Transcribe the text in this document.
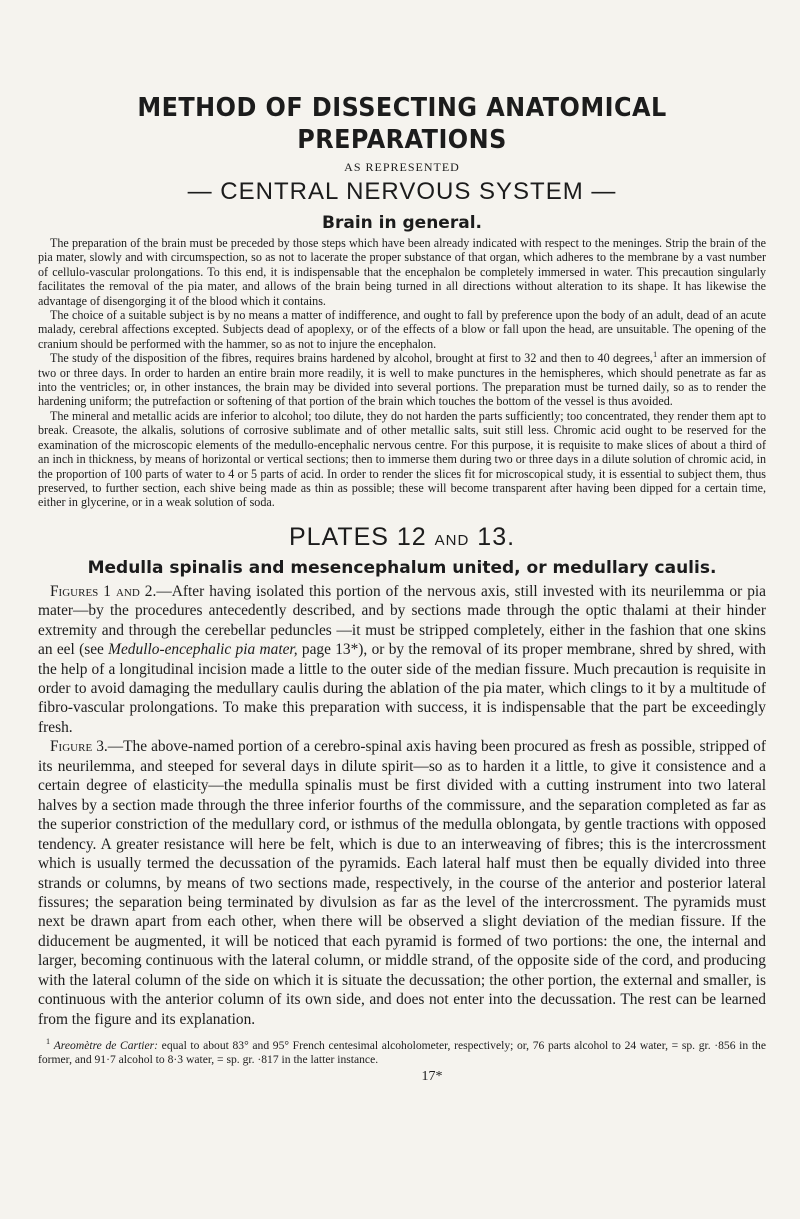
METHOD OF DISSECTING ANATOMICAL PREPARATIONS
AS REPRESENTED
— CENTRAL NERVOUS SYSTEM —
Brain in general.

The preparation of the brain must be preceded by those steps which have been already indicated with respect to the meninges. Strip the brain of the pia mater, slowly and with circumspection, so as not to lacerate the proper substance of that organ, which adheres to the membrane by a vast number of cellulo-vascular prolongations. To this end, it is indispensable that the encephalon be completely immersed in water. This precaution singularly facilitates the removal of the pia mater, and allows of the brain being turned in all directions without alteration to its shape. It has likewise the advantage of disengorging it of the blood which it contains.

The choice of a suitable subject is by no means a matter of indifference, and ought to fall by preference upon the body of an adult, dead of an acute malady, cerebral affections excepted. Subjects dead of apoplexy, or of the effects of a blow or fall upon the head, are unsuitable. The opening of the cranium should be performed with the hammer, so as not to injure the encephalon.

The study of the disposition of the fibres, requires brains hardened by alcohol, brought at first to 32 and then to 40 degrees,$^1$ after an immersion of two or three days. In order to harden an entire brain more readily, it is well to make punctures in the hemispheres, which should penetrate as far as into the ventricles; or, in other instances, the brain may be divided into several portions. The preparation must be turned daily, so as to render the hardening uniform; the putrefaction or softening of that portion of the brain which touches the bottom of the vessel is thus avoided.

The mineral and metallic acids are inferior to alcohol; too dilute, they do not harden the parts sufficiently; too concentrated, they render them apt to break. Creasote, the alkalis, solutions of corrosive sublimate and of other metallic salts, suit still less. Chromic acid ought to be reserved for the examination of the microscopic elements of the medullo-encephalic nervous centre. For this purpose, it is requisite to make slices of about a third of an inch in thickness, by means of horizontal or vertical sections; then to immerse them during two or three days in a dilute solution of chromic acid, in the proportion of 100 parts of water to 4 or 5 parts of acid. In order to render the slices fit for microscopical study, it is essential to subject them, thus preserved, to further section, each shive being made as thin as possible; these will become transparent after having been dipped for a certain time, either in glycerine, or in a weak solution of soda.

PLATES 12 AND 13.
Medulla spinalis and mesencephalum united, or medullary caulis.

Figures 1 and 2.—After having isolated this portion of the nervous axis, still invested with its neurilemma or pia mater—by the procedures antecedently described, and by sections made through the optic thalami at their hinder extremity and through the cerebellar peduncles —it must be stripped completely, either in the fashion that one skins an eel (see Medullo-encephalic pia mater, page 13*), or by the removal of its proper membrane, shred by shred, with the help of a longitudinal incision made a little to the outer side of the median fissure. Much precaution is requisite in order to avoid damaging the medullary caulis during the ablation of the pia mater, which clings to it by a multitude of fibro-vascular prolongations. To make this preparation with success, it is indispensable that the part be exceedingly fresh.

Figure 3.—The above-named portion of a cerebro-spinal axis having been procured as fresh as possible, stripped of its neurilemma, and steeped for several days in dilute spirit—so as to harden it a little, to give it consistence and a certain degree of elasticity—the medulla spinalis must be first divided with a cutting instrument into two lateral halves by a section made through the three inferior fourths of the commissure, and the separation completed as far as the superior constriction of the medullary cord, or isthmus of the medulla oblongata, by gentle tractions with opposed tendency. A greater resistance will here be felt, which is due to an interweaving of fibres; this is the intercrossment which is usually termed the decussation of the pyramids. Each lateral half must then be equally divided into three strands or columns, by means of two sections made, respectively, in the course of the anterior and posterior lateral fissures; the separation being terminated by divulsion as far as the level of the intercrossment. The pyramids must next be drawn apart from each other, when there will be observed a slight deviation of the median fissure. If the diducement be augmented, it will be noticed that each pyramid is formed of two portions: the one, the internal and larger, becoming continuous with the lateral column, or middle strand, of the opposite side of the cord, and producing with the lateral column of the side on which it is situate the decussation; the other portion, the external and smaller, is continuous with the anterior column of its own side, and does not enter into the decussation. The rest can be learned from the figure and its explanation.

$^1$ Areomètre de Cartier: equal to about 83° and 95° French centesimal alcoholometer, respectively; or, 76 parts alcohol to 24 water, = sp. gr. ·856 in the former, and 91·7 alcohol to 8·3 water, = sp. gr. ·817 in the latter instance.

17*
